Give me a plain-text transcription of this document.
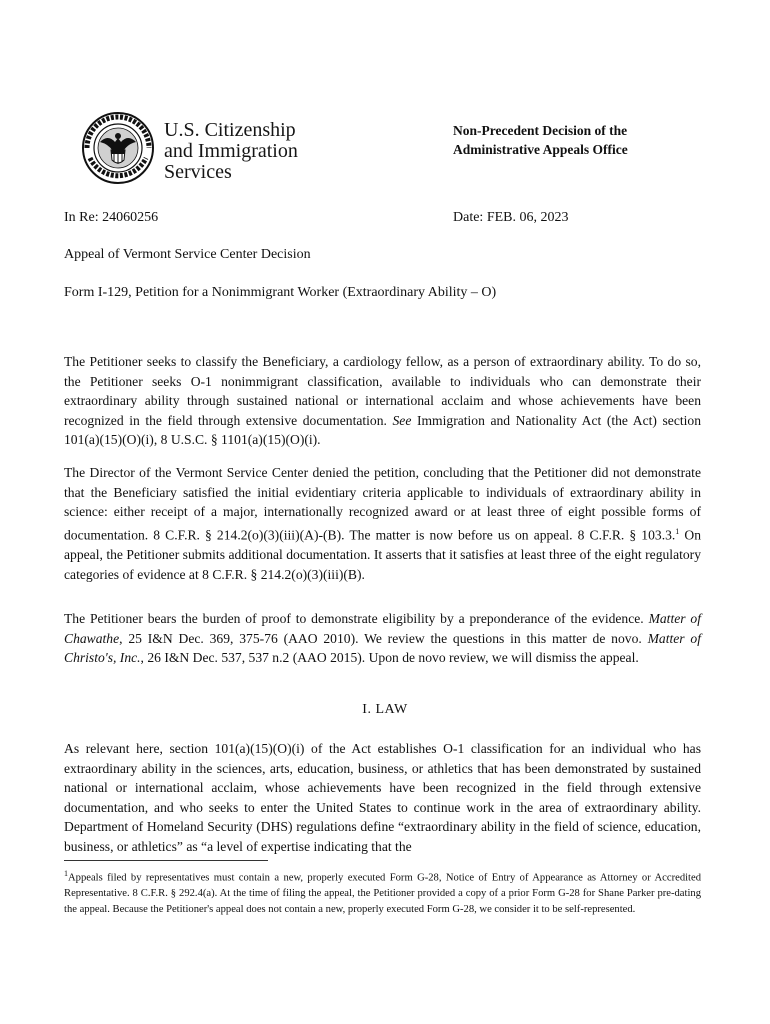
U.S. Citizenship
and Immigration
Services
Non-Precedent Decision of the
Administrative Appeals Office
In Re: 24060256	Date: FEB. 06, 2023
Appeal of Vermont Service Center Decision
Form I-129, Petition for a Nonimmigrant Worker (Extraordinary Ability – O)

The Petitioner seeks to classify the Beneficiary, a cardiology fellow, as a person of extraordinary ability. To do so, the Petitioner seeks O-1 nonimmigrant classification, available to individuals who can demonstrate their extraordinary ability through sustained national or international acclaim and whose achievements have been recognized in the field through extensive documentation. See Immigration and Nationality Act (the Act) section 101(a)(15)(O)(i), 8 U.S.C. § 1101(a)(15)(O)(i).

The Director of the Vermont Service Center denied the petition, concluding that the Petitioner did not demonstrate that the Beneficiary satisfied the initial evidentiary criteria applicable to individuals of extraordinary ability in science: either receipt of a major, internationally recognized award or at least three of eight possible forms of documentation. 8 C.F.R. § 214.2(o)(3)(iii)(A)-(B). The matter is now before us on appeal. 8 C.F.R. § 103.3.$^1$ On appeal, the Petitioner submits additional documentation. It asserts that it satisfies at least three of the eight regulatory categories of evidence at 8 C.F.R. § 214.2(o)(3)(iii)(B).

The Petitioner bears the burden of proof to demonstrate eligibility by a preponderance of the evidence. Matter of Chawathe, 25 I&N Dec. 369, 375-76 (AAO 2010). We review the questions in this matter de novo. Matter of Christo's, Inc., 26 I&N Dec. 537, 537 n.2 (AAO 2015). Upon de novo review, we will dismiss the appeal.

I. LAW

As relevant here, section 101(a)(15)(O)(i) of the Act establishes O-1 classification for an individual who has extraordinary ability in the sciences, arts, education, business, or athletics that has been demonstrated by sustained national or international acclaim, whose achievements have been recognized in the field through extensive documentation, and who seeks to enter the United States to continue work in the area of extraordinary ability. Department of Homeland Security (DHS) regulations define “extraordinary ability in the field of science, education, business, or athletics” as “a level of expertise indicating that the

$^1$Appeals filed by representatives must contain a new, properly executed Form G-28, Notice of Entry of Appearance as Attorney or Accredited Representative. 8 C.F.R. § 292.4(a). At the time of filing the appeal, the Petitioner provided a copy of a prior Form G-28 for Shane Parker pre-dating the appeal. Because the Petitioner's appeal does not contain a new, properly executed Form G-28, we consider it to be self-represented.
